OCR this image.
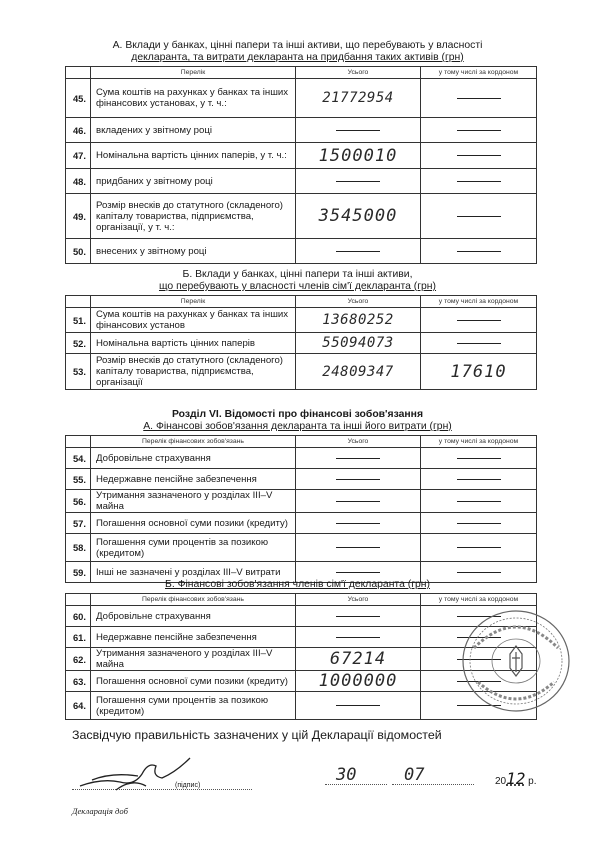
А. Вклади у банках, цінні папери та інші активи, що перебувають у власності
декларанта, та витрати декларанта на придбання таких активів (грн)
	Перелік	Усього	у тому числі за кордоном
45.	Сума коштів на рахунках у банках та інших фінансових установах, у т. ч.:	21772954	
46.	вкладених у звітному році		
47.	Номінальна вартість цінних паперів, у т. ч.:	1500010	
48.	придбаних у звітному році		
49.	Розмір внесків до статутного (складеного) капіталу товариства, підприємства, організації, у т. ч.:	3545000	
50.	внесених у звітному році		
Б. Вклади у банках, цінні папери та інші активи,
що перебувають у власності членів сім'ї декларанта (грн)
	Перелік	Усього	у тому числі за кордоном
51.	Сума коштів на рахунках у банках та інших фінансових установ	13680252	
52.	Номінальна вартість цінних паперів	55094073	
53.	Розмір внесків до статутного (складеного) капіталу товариства, підприємства, організації	24809347	17610
Розділ VI. Відомості про фінансові зобов'язання
А. Фінансові зобов'язання декларанта та інші його витрати (грн)
	Перелік фінансових зобов'язань	Усього	у тому числі за кордоном
54.	Добровільне страхування		
55.	Недержавне пенсійне забезпечення		
56.	Утримання зазначеного у розділах III–V майна		
57.	Погашення основної суми позики (кредиту)		
58.	Погашення суми процентів за позикою (кредитом)		
59.	Інші не зазначені у розділах III–V витрати		
Б. Фінансові зобов'язання членів сім'ї декларанта (грн)
	Перелік фінансових зобов'язань	Усього	у тому числі за кордоном
60.	Добровільне страхування		
61.	Недержавне пенсійне забезпечення		
62.	Утримання зазначеного у розділах III–V майна	67214	
63.	Погашення основної суми позики (кредиту)	1000000	
64.	Погашення суми процентів за позикою (кредитом)		
Засвідчую правильність зазначених у цій Декларації відомостей
(підпис)
30	07	2012 р.
Декларація доб
